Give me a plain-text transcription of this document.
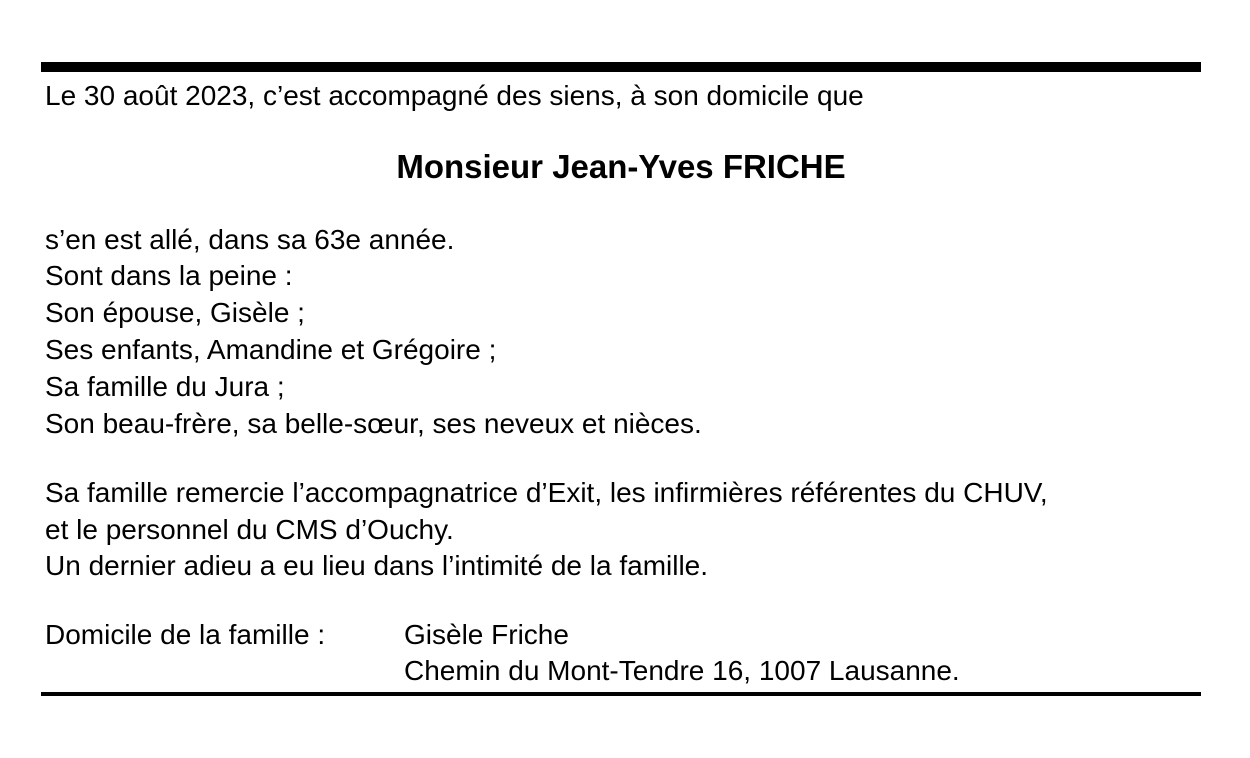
Le 30 août 2023, c’est accompagné des siens, à son domicile que
Monsieur Jean-Yves FRICHE
s’en est allé, dans sa 63e année.
Sont dans la peine :
Son épouse, Gisèle ;
Ses enfants, Amandine et Grégoire ;
Sa famille du Jura ;
Son beau-frère, sa belle-sœur, ses neveux et nièces.
Sa famille remercie l’accompagnatrice d’Exit, les infirmières référentes du CHUV,
et le personnel du CMS d’Ouchy.
Un dernier adieu a eu lieu dans l’intimité de la famille.
Domicile de la famille :	Gisèle Friche
Chemin du Mont-Tendre 16, 1007 Lausanne.
